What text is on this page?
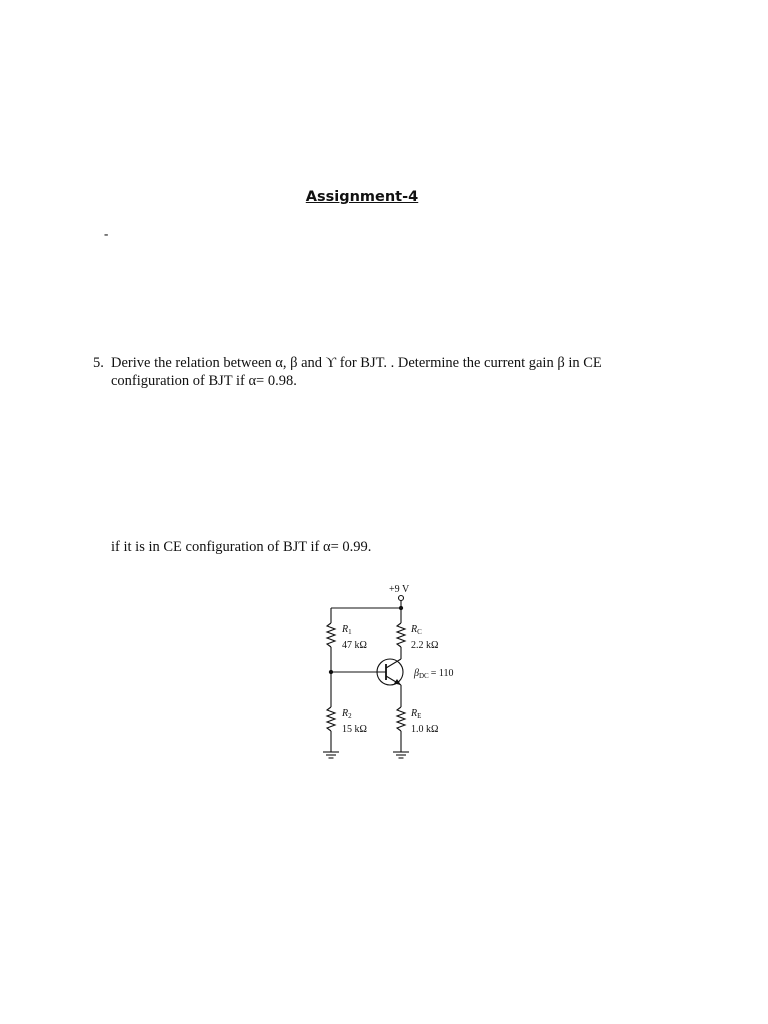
Assignment-4
-
5. Derive the relation between α, β and ϒ for BJT. . Determine the current gain β in CE configuration of BJT if α= 0.98.
if it is in CE configuration of BJT if α= 0.99.
+9 V
$R_1$
47 kΩ
$R_C$
2.2 kΩ
$\beta_{DC} = 110$
$R_2$
15 kΩ
$R_E$
1.0 kΩ
